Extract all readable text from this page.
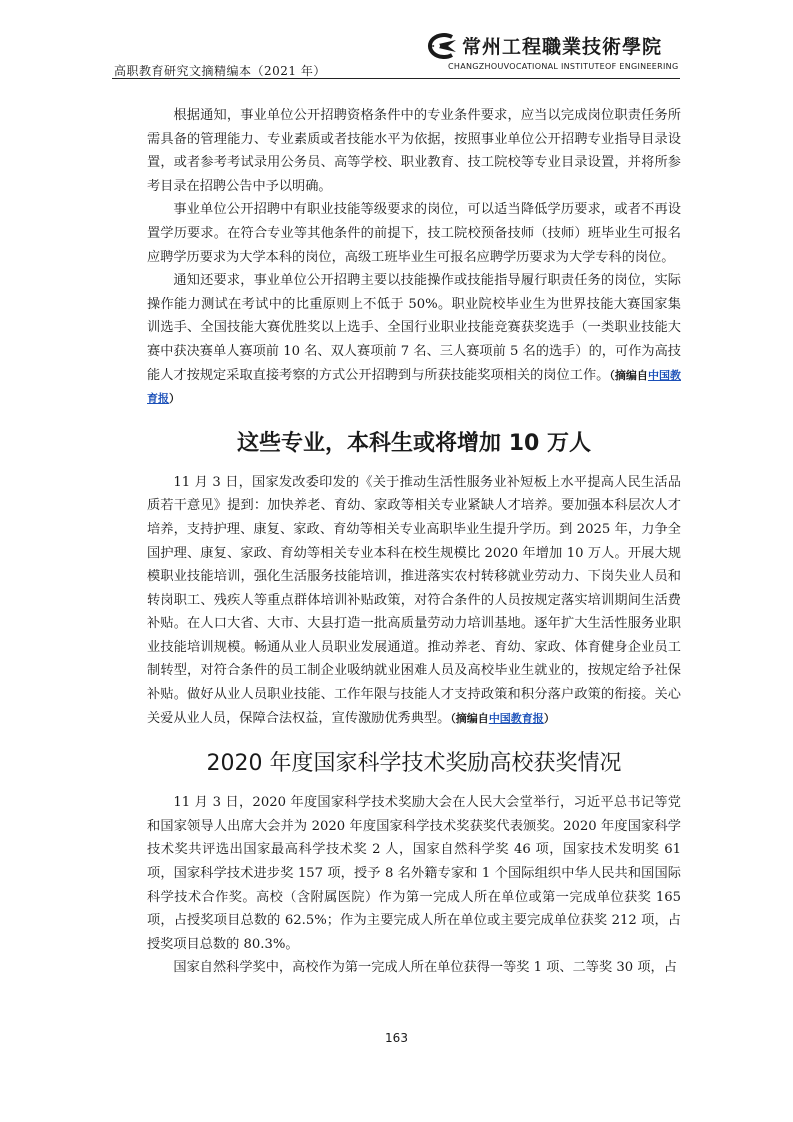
高职教育研究文摘精编本（2021 年）
常州工程職業技術學院
CHANGZHOUVOCATIONAL INSTITUTEOF ENGINEERING

根据通知，事业单位公开招聘资格条件中的专业条件要求，应当以完成岗位职责任务所需具备的管理能力、专业素质或者技能水平为依据，按照事业单位公开招聘专业指导目录设置，或者参考考试录用公务员、高等学校、职业教育、技工院校等专业目录设置，并将所参考目录在招聘公告中予以明确。

事业单位公开招聘中有职业技能等级要求的岗位，可以适当降低学历要求，或者不再设置学历要求。在符合专业等其他条件的前提下，技工院校预备技师（技师）班毕业生可报名应聘学历要求为大学本科的岗位，高级工班毕业生可报名应聘学历要求为大学专科的岗位。

通知还要求，事业单位公开招聘主要以技能操作或技能指导履行职责任务的岗位，实际操作能力测试在考试中的比重原则上不低于 50%。职业院校毕业生为世界技能大赛国家集训选手、全国技能大赛优胜奖以上选手、全国行业职业技能竞赛获奖选手（一类职业技能大赛中获决赛单人赛项前 10 名、双人赛项前 7 名、三人赛项前 5 名的选手）的，可作为高技能人才按规定采取直接考察的方式公开招聘到与所获技能奖项相关的岗位工作。（摘编自中国教育报）

这些专业，本科生或将增加 10 万人

11 月 3 日，国家发改委印发的《关于推动生活性服务业补短板上水平提高人民生活品质若干意见》提到：加快养老、育幼、家政等相关专业紧缺人才培养。要加强本科层次人才培养，支持护理、康复、家政、育幼等相关专业高职毕业生提升学历。到 2025 年，力争全国护理、康复、家政、育幼等相关专业本科在校生规模比 2020 年增加 10 万人。开展大规模职业技能培训，强化生活服务技能培训，推进落实农村转移就业劳动力、下岗失业人员和转岗职工、残疾人等重点群体培训补贴政策，对符合条件的人员按规定落实培训期间生活费补贴。在人口大省、大市、大县打造一批高质量劳动力培训基地。逐年扩大生活性服务业职业技能培训规模。畅通从业人员职业发展通道。推动养老、育幼、家政、体育健身企业员工制转型，对符合条件的员工制企业吸纳就业困难人员及高校毕业生就业的，按规定给予社保补贴。做好从业人员职业技能、工作年限与技能人才支持政策和积分落户政策的衔接。关心关爱从业人员，保障合法权益，宣传激励优秀典型。（摘编自中国教育报）

2020 年度国家科学技术奖励高校获奖情况

11 月 3 日，2020 年度国家科学技术奖励大会在人民大会堂举行，习近平总书记等党和国家领导人出席大会并为 2020 年度国家科学技术奖获奖代表颁奖。2020 年度国家科学技术奖共评选出国家最高科学技术奖 2 人，国家自然科学奖 46 项，国家技术发明奖 61 项，国家科学技术进步奖 157 项，授予 8 名外籍专家和 1 个国际组织中华人民共和国国际科学技术合作奖。高校（含附属医院）作为第一完成人所在单位或第一完成单位获奖 165 项，占授奖项目总数的 62.5%；作为主要完成人所在单位或主要完成单位获奖 212 项，占授奖项目总数的 80.3%。

国家自然科学奖中，高校作为第一完成人所在单位获得一等奖 1 项、二等奖 30 项，占

163
